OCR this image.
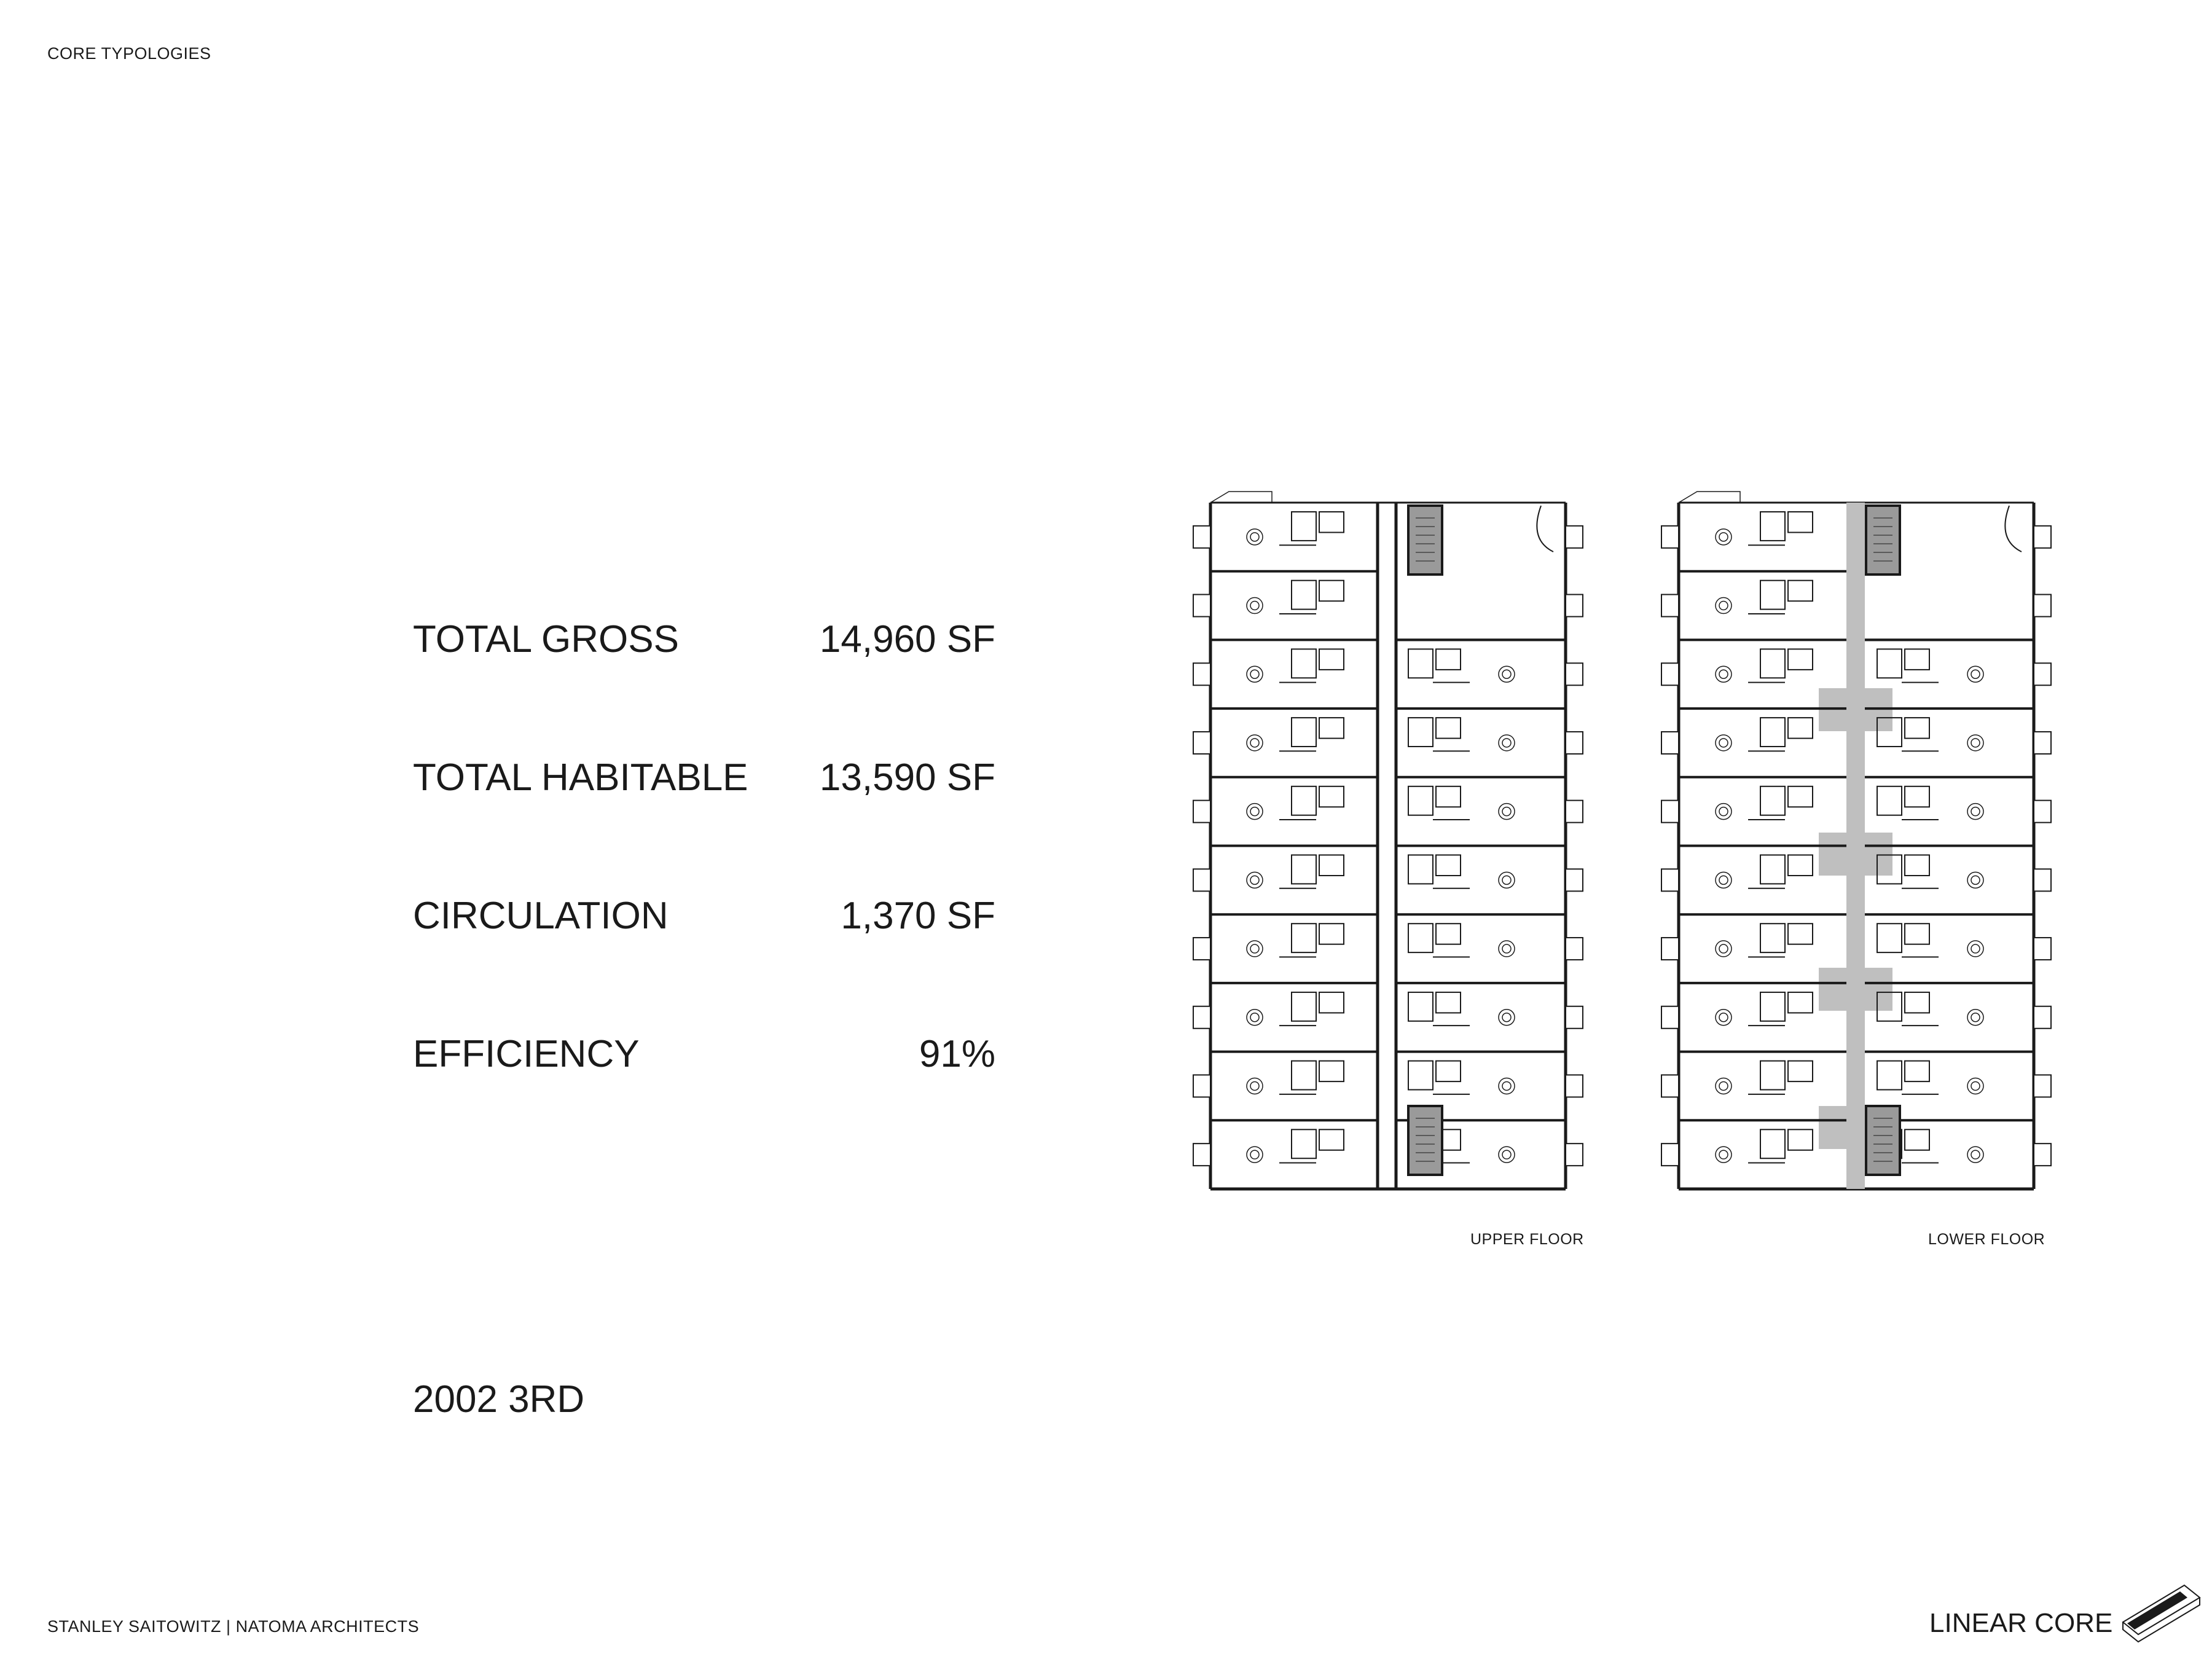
CORE TYPOLOGIES
TOTAL GROSS	14,960 SF
TOTAL HABITABLE	13,590 SF
CIRCULATION	1,370 SF
EFFICIENCY	91%
2002 3RD
UPPER FLOOR	LOWER FLOOR
STANLEY SAITOWITZ | NATOMA ARCHITECTS	LINEAR CORE
